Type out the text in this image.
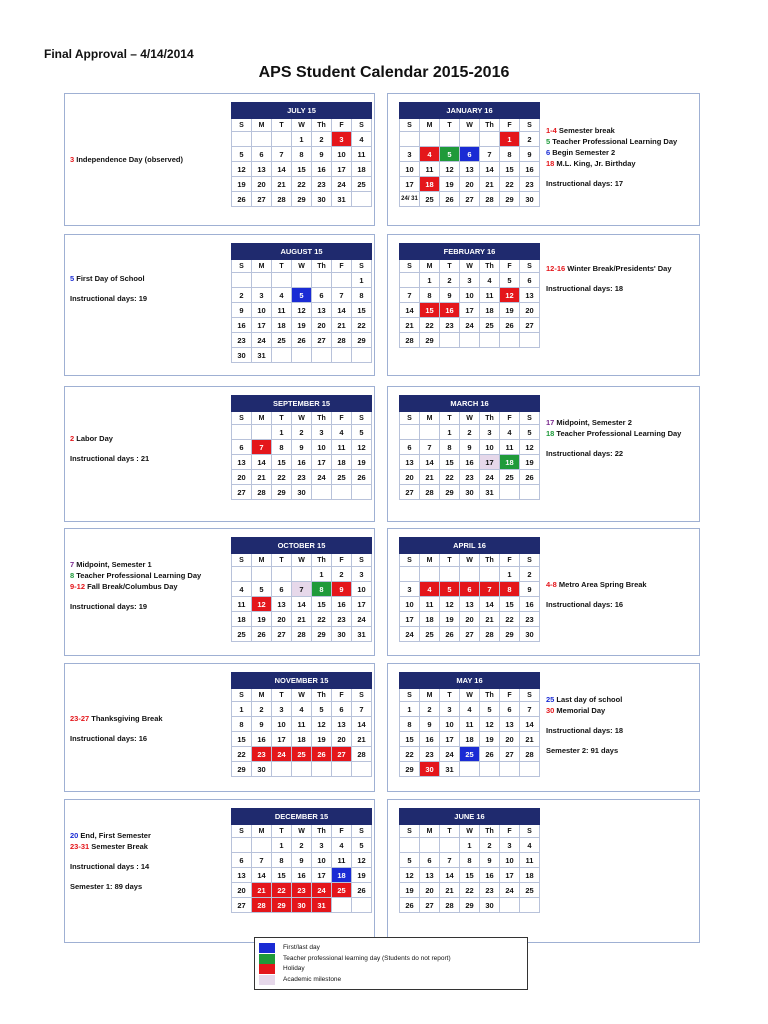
Final Approval – 4/14/2014
APS Student Calendar 2015-2016
JULY 15						
S	M	T	W	Th	F	S
			1	2	3	4
5	6	7	8	9	10	11
12	13	14	15	16	17	18
19	20	21	22	23	24	25
26	27	28	29	30	31	
3 Independence Day (observed)
JANUARY 16						
S	M	T	W	Th	F	S
					1	2
3	4	5	6	7	8	9
10	11	12	13	14	15	16
17	18	19	20	21	22	23
24/ 31	25	26	27	28	29	30
1-4 Semester break
5 Teacher Professional Learning Day
6 Begin Semester 2
18 M.L. King, Jr. Birthday
Instructional days: 17
AUGUST 15						
S	M	T	W	Th	F	S
						1
2	3	4	5	6	7	8
9	10	11	12	13	14	15
16	17	18	19	20	21	22
23	24	25	26	27	28	29
30	31					
5 First Day of School
Instructional days: 19
FEBRUARY 16						
S	M	T	W	Th	F	S
	1	2	3	4	5	6
7	8	9	10	11	12	13
14	15	16	17	18	19	20
21	22	23	24	25	26	27
28	29					
12-16 Winter Break/Presidents' Day
Instructional days: 18
SEPTEMBER 15						
S	M	T	W	Th	F	S
		1	2	3	4	5
6	7	8	9	10	11	12
13	14	15	16	17	18	19
20	21	22	23	24	25	26
27	28	29	30			
2 Labor Day
Instructional days : 21
MARCH 16						
S	M	T	W	Th	F	S
		1	2	3	4	5
6	7	8	9	10	11	12
13	14	15	16	17	18	19
20	21	22	23	24	25	26
27	28	29	30	31		
17 Midpoint, Semester 2
18 Teacher Professional Learning Day
Instructional days: 22
OCTOBER 15						
S	M	T	W	Th	F	S
				1	2	3
4	5	6	7	8	9	10
11	12	13	14	15	16	17
18	19	20	21	22	23	24
25	26	27	28	29	30	31
7 Midpoint, Semester 1
8 Teacher Professional Learning Day
9-12 Fall Break/Columbus Day
Instructional days: 19
APRIL 16						
S	M	T	W	Th	F	S
					1	2
3	4	5	6	7	8	9
10	11	12	13	14	15	16
17	18	19	20	21	22	23
24	25	26	27	28	29	30
4-8 Metro Area Spring Break
Instructional days: 16
NOVEMBER 15						
S	M	T	W	Th	F	S
1	2	3	4	5	6	7
8	9	10	11	12	13	14
15	16	17	18	19	20	21
22	23	24	25	26	27	28
29	30					
23-27 Thanksgiving Break
Instructional days: 16
MAY 16						
S	M	T	W	Th	F	S
1	2	3	4	5	6	7
8	9	10	11	12	13	14
15	16	17	18	19	20	21
22	23	24	25	26	27	28
29	30	31				
25 Last day of school
30 Memorial Day
Instructional days: 18
Semester 2: 91 days
DECEMBER 15						
S	M	T	W	Th	F	S
		1	2	3	4	5
6	7	8	9	10	11	12
13	14	15	16	17	18	19
20	21	22	23	24	25	26
27	28	29	30	31		
20 End, First Semester
23-31 Semester Break
Instructional days : 14
Semester 1: 89 days
JUNE 16						
S	M	T	W	Th	F	S
			1	2	3	4
5	6	7	8	9	10	11
12	13	14	15	16	17	18
19	20	21	22	23	24	25
26	27	28	29	30		
First/last day
Teacher professional learning day (Students do not report)
Holiday
Academic milestone
